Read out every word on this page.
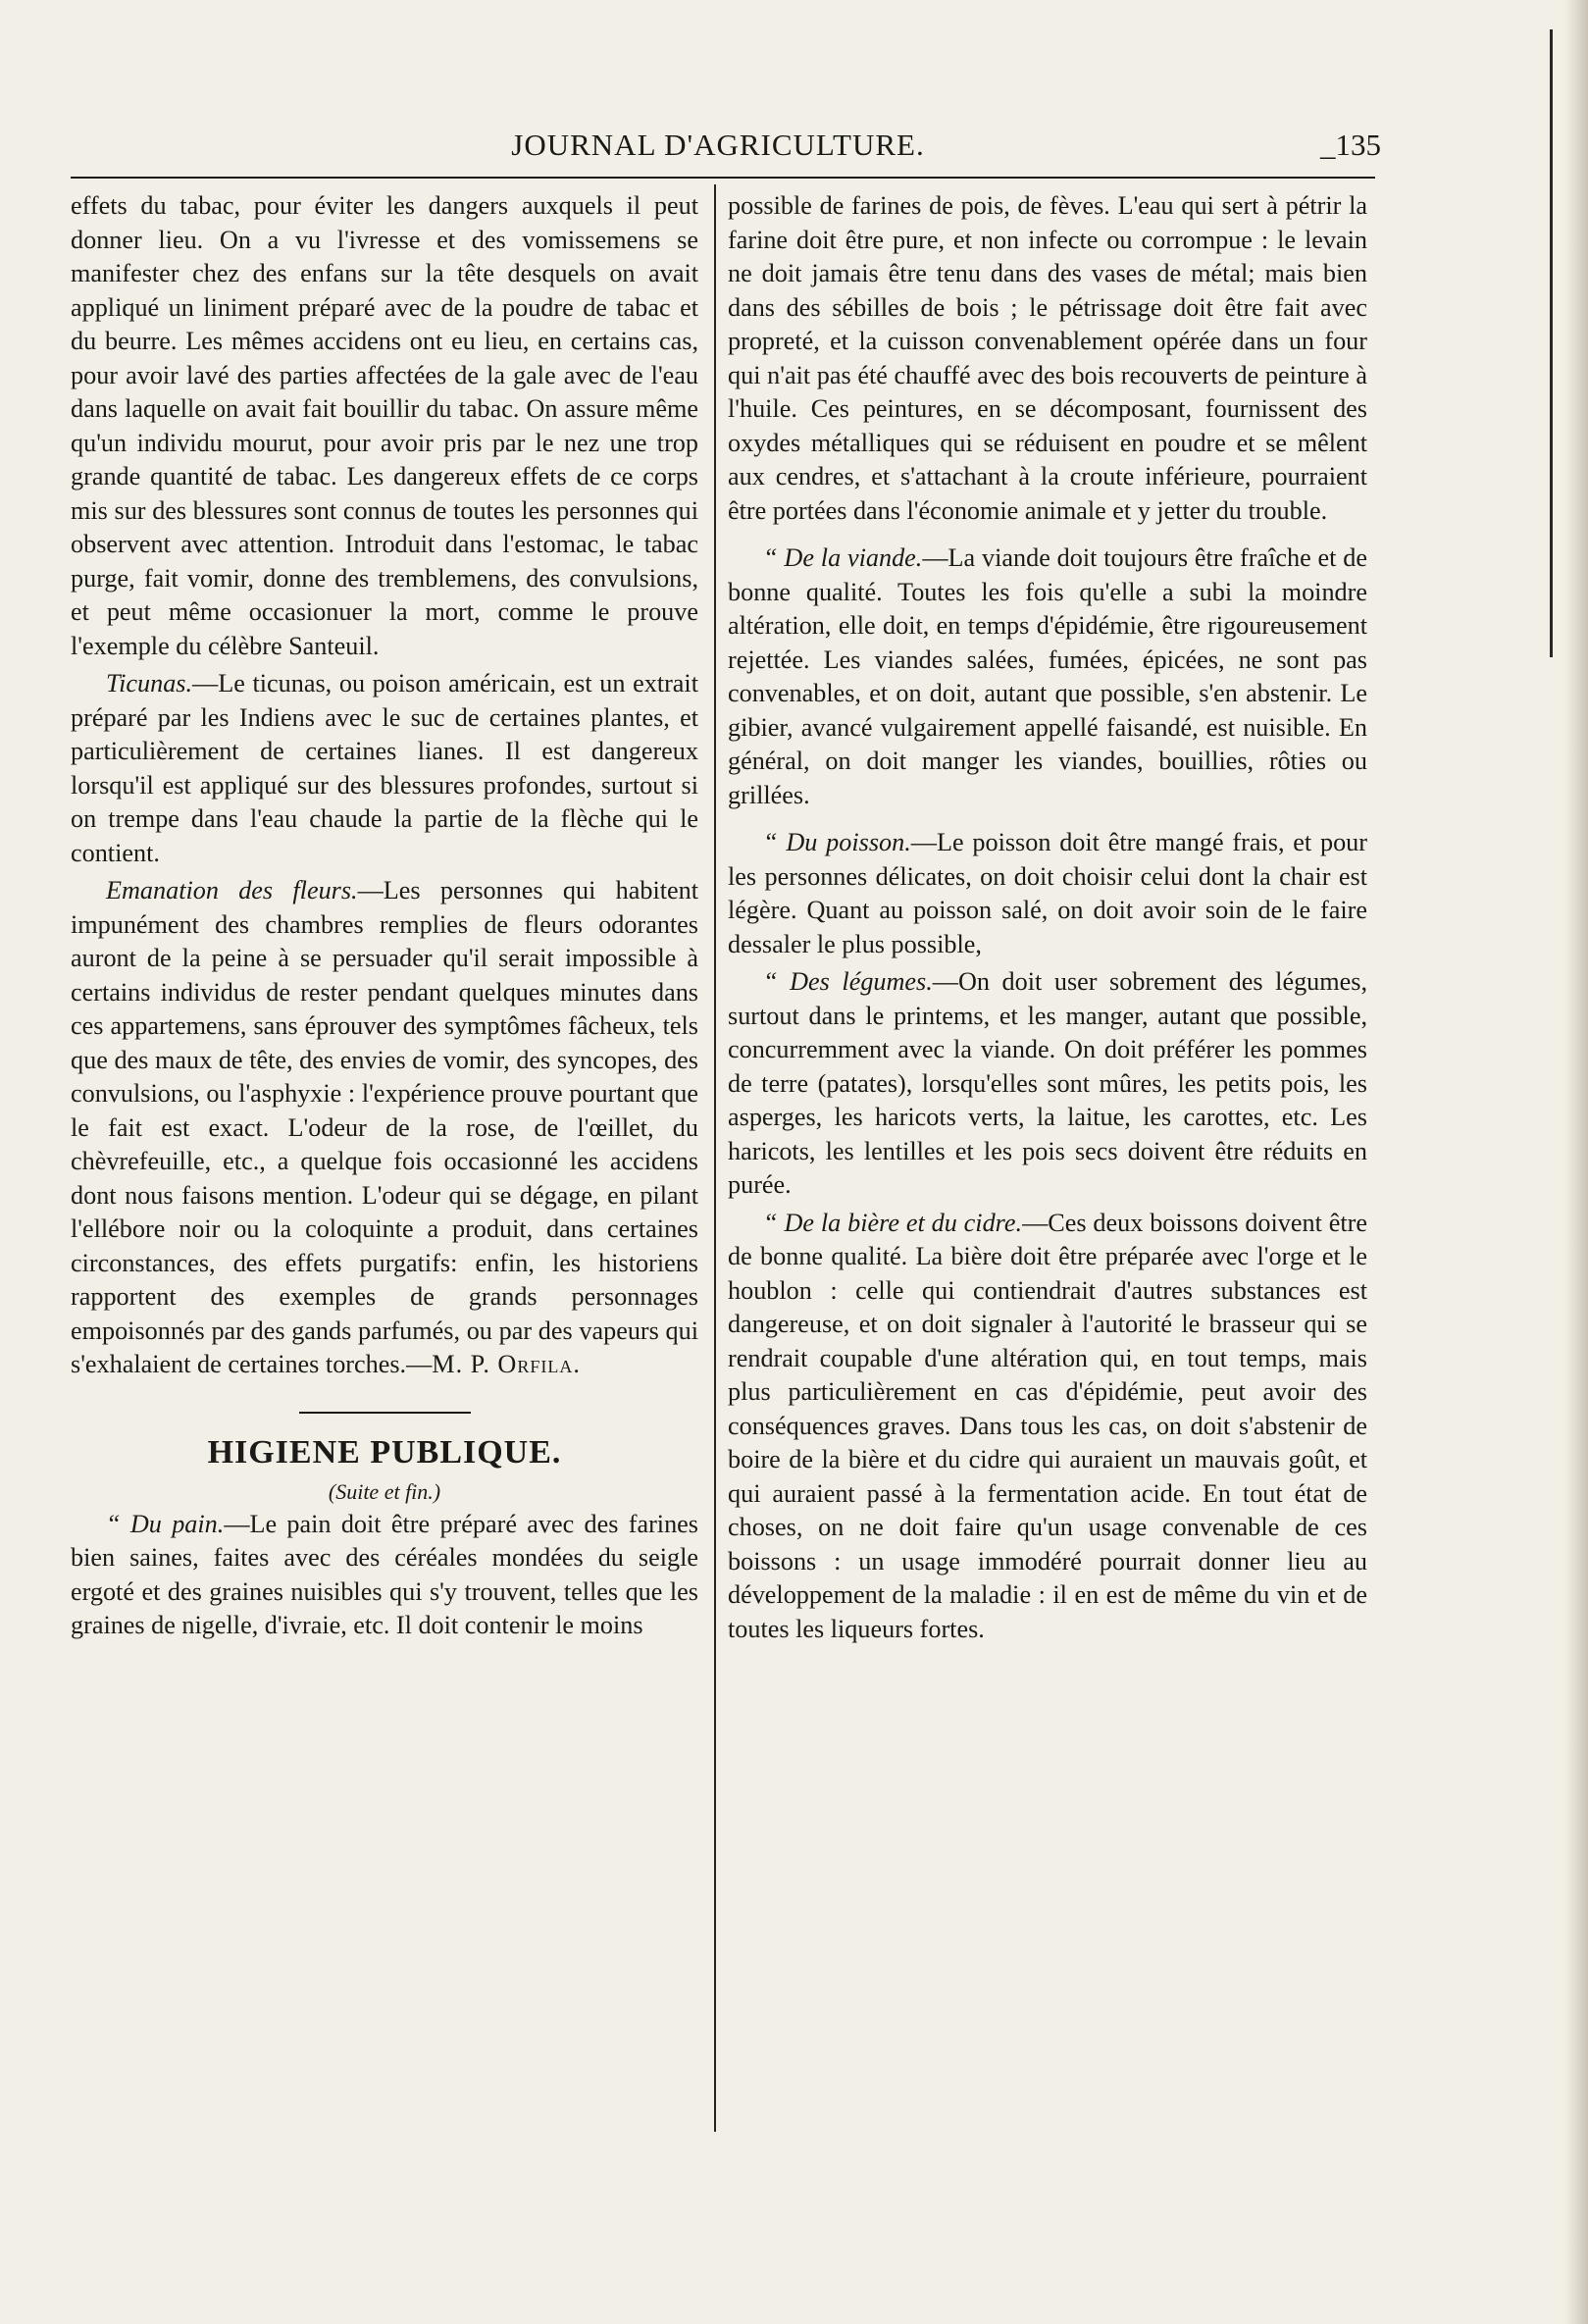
JOURNAL D'AGRICULTURE.	_135

effets du tabac, pour éviter les dangers auxquels il peut donner lieu. On a vu l'ivresse et des vomissemens se manifester chez des enfans sur la tête desquels on avait appliqué un liniment préparé avec de la poudre de tabac et du beurre. Les mêmes accidens ont eu lieu, en certains cas, pour avoir lavé des parties affectées de la gale avec de l'eau dans laquelle on avait fait bouillir du tabac. On assure même qu'un individu mourut, pour avoir pris par le nez une trop grande quantité de tabac. Les dangereux effets de ce corps mis sur des blessures sont connus de toutes les personnes qui observent avec attention. Introduit dans l'estomac, le tabac purge, fait vomir, donne des tremblemens, des convulsions, et peut même occasionuer la mort, comme le prouve l'exemple du célèbre Santeuil.

Ticunas.—Le ticunas, ou poison américain, est un extrait préparé par les Indiens avec le suc de certaines plantes, et particulièrement de certaines lianes. Il est dangereux lorsqu'il est appliqué sur des blessures profondes, surtout si on trempe dans l'eau chaude la partie de la flèche qui le contient.

Emanation des fleurs.—Les personnes qui habitent impunément des chambres remplies de fleurs odorantes auront de la peine à se persuader qu'il serait impossible à certains individus de rester pendant quelques minutes dans ces appartemens, sans éprouver des symptômes fâcheux, tels que des maux de tête, des envies de vomir, des syncopes, des convulsions, ou l'asphyxie : l'expérience prouve pourtant que le fait est exact. L'odeur de la rose, de l'œillet, du chèvrefeuille, etc., a quelque fois occasionné les accidens dont nous faisons mention. L'odeur qui se dégage, en pilant l'ellébore noir ou la coloquinte a produit, dans certaines circonstances, des effets purgatifs: enfin, les historiens rapportent des exemples de grands personnages empoisonnés par des gands parfumés, ou par des vapeurs qui s'exhalaient de certaines torches.—M. P. Orfila.

HIGIENE PUBLIQUE.
(Suite et fin.)

“ Du pain.—Le pain doit être préparé avec des farines bien saines, faites avec des céréales mondées du seigle ergoté et des graines nuisibles qui s'y trouvent, telles que les graines de nigelle, d'ivraie, etc. Il doit contenir le moins

possible de farines de pois, de fèves. L'eau qui sert à pétrir la farine doit être pure, et non infecte ou corrompue : le levain ne doit jamais être tenu dans des vases de métal; mais bien dans des sébilles de bois ; le pétrissage doit être fait avec propreté, et la cuisson convenablement opérée dans un four qui n'ait pas été chauffé avec des bois recouverts de peinture à l'huile. Ces peintures, en se décomposant, fournissent des oxydes métalliques qui se réduisent en poudre et se mêlent aux cendres, et s'attachant à la croute inférieure, pourraient être portées dans l'économie animale et y jetter du trouble.

“ De la viande.—La viande doit toujours être fraîche et de bonne qualité. Toutes les fois qu'elle a subi la moindre altération, elle doit, en temps d'épidémie, être rigoureusement rejettée. Les viandes salées, fumées, épicées, ne sont pas convenables, et on doit, autant que possible, s'en abstenir. Le gibier, avancé vulgairement appellé faisandé, est nuisible. En général, on doit manger les viandes, bouillies, rôties ou grillées.

“ Du poisson.—Le poisson doit être mangé frais, et pour les personnes délicates, on doit choisir celui dont la chair est légère. Quant au poisson salé, on doit avoir soin de le faire dessaler le plus possible,

“ Des légumes.—On doit user sobrement des légumes, surtout dans le printems, et les manger, autant que possible, concurremment avec la viande. On doit préférer les pommes de terre (patates), lorsqu'elles sont mûres, les petits pois, les asperges, les haricots verts, la laitue, les carottes, etc. Les haricots, les lentilles et les pois secs doivent être réduits en purée.

“ De la bière et du cidre.—Ces deux boissons doivent être de bonne qualité. La bière doit être préparée avec l'orge et le houblon : celle qui contiendrait d'autres substances est dangereuse, et on doit signaler à l'autorité le brasseur qui se rendrait coupable d'une altération qui, en tout temps, mais plus particulièrement en cas d'épidémie, peut avoir des conséquences graves. Dans tous les cas, on doit s'abstenir de boire de la bière et du cidre qui auraient un mauvais goût, et qui auraient passé à la fermentation acide. En tout état de choses, on ne doit faire qu'un usage convenable de ces boissons : un usage immodéré pourrait donner lieu au développement de la maladie : il en est de même du vin et de toutes les liqueurs fortes.
